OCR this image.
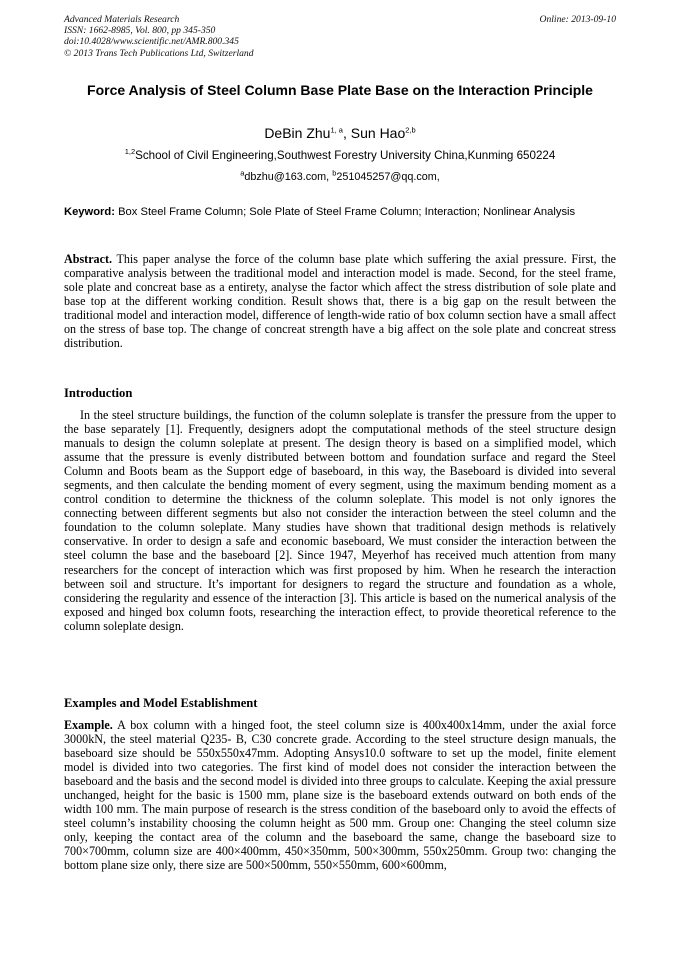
Advanced Materials Research
ISSN: 1662-8985, Vol. 800, pp 345-350
doi:10.4028/www.scientific.net/AMR.800.345
© 2013 Trans Tech Publications Ltd, Switzerland
Online: 2013-09-10
Force Analysis of Steel Column Base Plate Base on the Interaction Principle
DeBin Zhu$^{1, a}$, Sun Hao$^{2,b}$
$^{1,2}$School of Civil Engineering,Southwest Forestry University China,Kunming 650224
$^a$dbzhu@163.com, $^b$251045257@qq.com,
Keyword: Box Steel Frame Column; Sole Plate of Steel Frame Column; Interaction; Nonlinear Analysis
Abstract. This paper analyse the force of the column base plate which suffering the axial pressure. First, the comparative analysis between the traditional model and interaction model is made. Second, for the steel frame, sole plate and concreat base as a entirety, analyse the factor which affect the stress distribution of sole plate and base top at the different working condition. Result shows that, there is a big gap on the result between the traditional model and interaction model, difference of length-wide ratio of box column section have a small affect on the stress of base top. The change of concreat strength have a big affect on the sole plate and concreat stress distribution.
Introduction
In the steel structure buildings, the function of the column soleplate is transfer the pressure from the upper to the base separately [1]. Frequently, designers adopt the computational methods of the steel structure design manuals to design the column soleplate at present. The design theory is based on a simplified model, which assume that the pressure is evenly distributed between bottom and foundation surface and regard the Steel Column and Boots beam as the Support edge of baseboard, in this way, the Baseboard is divided into several segments, and then calculate the bending moment of every segment, using the maximum bending moment as a control condition to determine the thickness of the column soleplate. This model is not only ignores the connecting between different segments but also not consider the interaction between the steel column and the foundation to the column soleplate. Many studies have shown that traditional design methods is relatively conservative. In order to design a safe and economic baseboard, We must consider the interaction between the steel column the base and the baseboard [2]. Since 1947, Meyerhof has received much attention from many researchers for the concept of interaction which was first proposed by him. When he research the interaction between soil and structure. It’s important for designers to regard the structure and foundation as a whole, considering the regularity and essence of the interaction [3]. This article is based on the numerical analysis of the exposed and hinged box column foots, researching the interaction effect, to provide theoretical reference to the column soleplate design.
Examples and Model Establishment
Example. A box column with a hinged foot, the steel column size is 400x400x14mm, under the axial force 3000kN, the steel material Q235- B, C30 concrete grade. According to the steel structure design manuals, the baseboard size should be 550x550x47mm. Adopting Ansys10.0 software to set up the model, finite element model is divided into two categories. The first kind of model does not consider the interaction between the baseboard and the basis and the second model is divided into three groups to calculate. Keeping the axial pressure unchanged, height for the basic is 1500 mm, plane size is the baseboard extends outward on both ends of the width 100 mm. The main purpose of research is the stress condition of the baseboard only to avoid the effects of steel column’s instability choosing the column height as 500 mm. Group one: Changing the steel column size only, keeping the contact area of the column and the baseboard the same, change the baseboard size to 700×700mm, column size are 400×400mm, 450×350mm, 500×300mm, 550x250mm. Group two: changing the bottom plane size only, there size are 500×500mm, 550×550mm, 600×600mm,
